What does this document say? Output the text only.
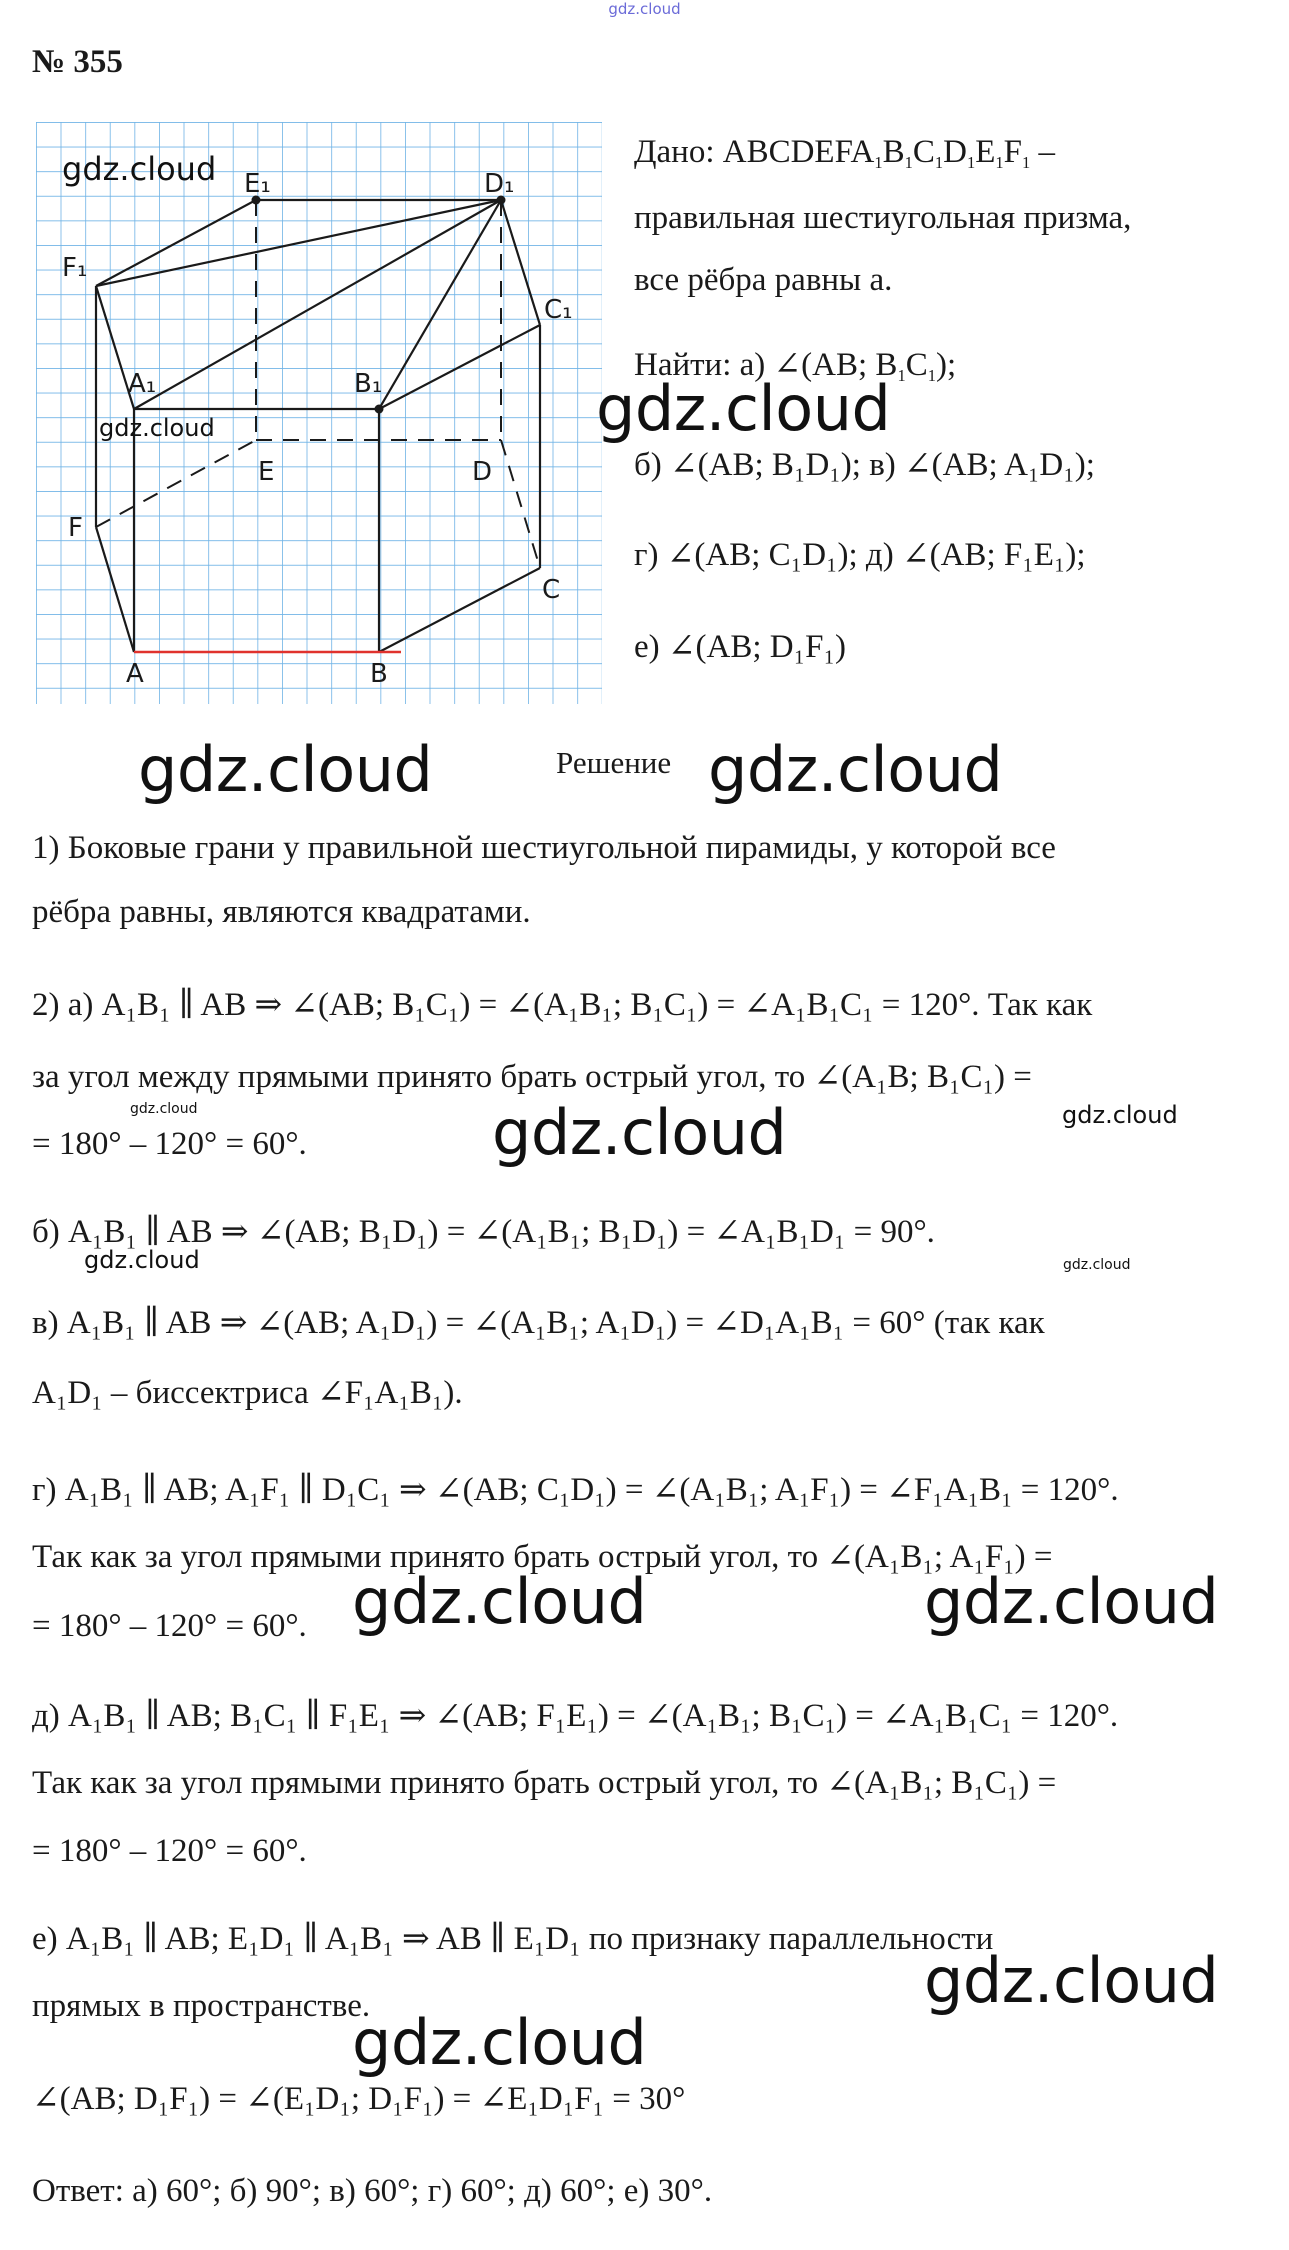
gdz.cloud
№ 355
E₁	D₁
F₁
C₁
A₁	B₁
E	D
F
C
A	B
Дано: $ABCDEFA_1B_1C_1D_1E_1F_1$ –
правильная шестиугольная призма,
все рёбра равны a.
Найти: а) ∠(AB; $B_1C_1$);
б) ∠(AB; B₁D₁); в) ∠(AB; A₁D₁);
г) ∠(AB; C₁D₁); д) ∠(AB; F₁E₁);
е) ∠(AB; D₁F₁)
Решение
1) Боковые грани у правильной шестиугольной пирамиды, у которой все
рёбра равны, являются квадратами.
2) а) A₁B₁ ∥ AB ⇒ ∠(AB; B₁C₁) = ∠(A₁B₁; B₁C₁) = ∠A₁B₁C₁ = 120°. Так как
за угол между прямыми принято брать острый угол, то ∠(A₁B; B₁C₁) =
= 180° – 120° = 60°.
б) A₁B₁ ∥ AB ⇒ ∠(AB; B₁D₁) = ∠(A₁B₁; B₁D₁) = ∠A₁B₁D₁ = 90°.
в) A₁B₁ ∥ AB ⇒ ∠(AB; A₁D₁) = ∠(A₁B₁; A₁D₁) = ∠D₁A₁B₁ = 60° (так как
A₁D₁ – биссектриса ∠F₁A₁B₁).
г) A₁B₁ ∥ AB; A₁F₁ ∥ D₁C₁ ⇒ ∠(AB; C₁D₁) = ∠(A₁B₁; A₁F₁) = ∠F₁A₁B₁ = 120°.
Так как за угол прямыми принято брать острый угол, то ∠(A₁B₁; A₁F₁) =
= 180° – 120° = 60°.
д) A₁B₁ ∥ AB; B₁C₁ ∥ F₁E₁ ⇒ ∠(AB; F₁E₁) = ∠(A₁B₁; B₁C₁) = ∠A₁B₁C₁ = 120°.
Так как за угол прямыми принято брать острый угол, то ∠(A₁B₁; B₁C₁) =
= 180° – 120° = 60°.
е) A₁B₁ ∥ AB; E₁D₁ ∥ A₁B₁ ⇒ AB ∥ E₁D₁ по признаку параллельности
прямых в пространстве.
∠(AB; D₁F₁) = ∠(E₁D₁; D₁F₁) = ∠E₁D₁F₁ = 30°
Ответ: а) 60°; б) 90°; в) 60°; г) 60°; д) 60°; е) 30°.
gdz.cloud
gdz.cloud	gdz.cloud
gdz.cloud	gdz.cloud
gdz.cloud	gdz.cloud	gdz.cloud
gdz.cloud	gdz.cloud
gdz.cloud	gdz.cloud
gdz.cloud
gdz.cloud
